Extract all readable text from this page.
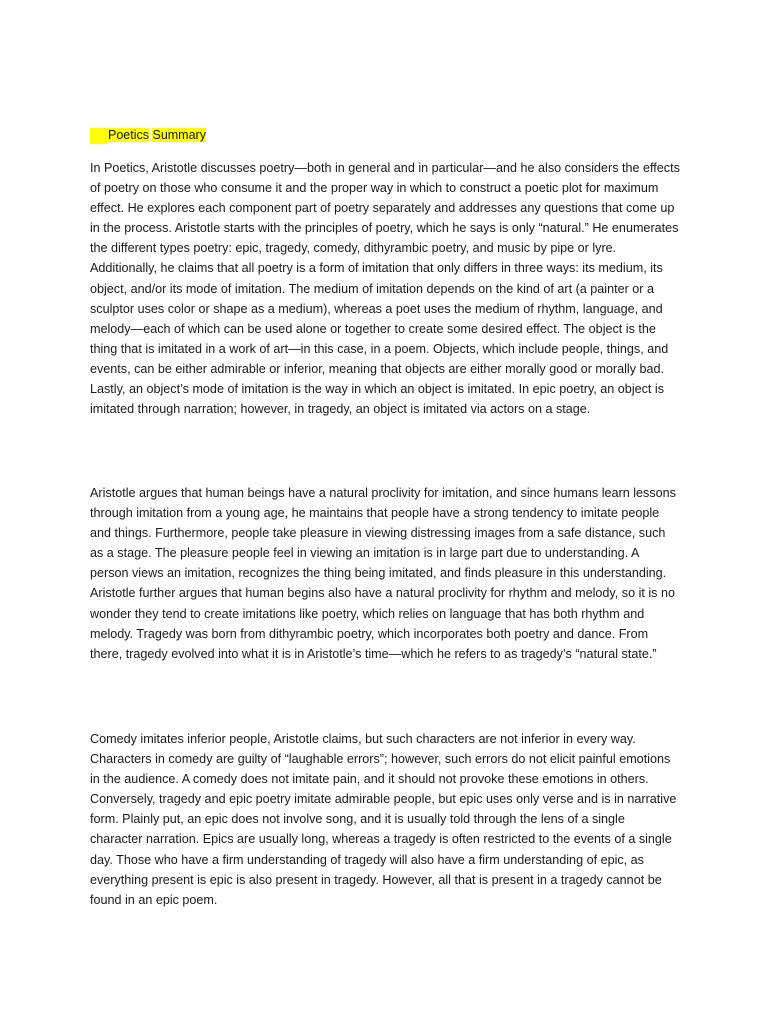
Poetics Summary

In Poetics, Aristotle discusses poetry—both in general and in particular—and he also considers the effects of poetry on those who consume it and the proper way in which to construct a poetic plot for maximum effect. He explores each component part of poetry separately and addresses any questions that come up in the process. Aristotle starts with the principles of poetry, which he says is only “natural.” He enumerates the different types poetry: epic, tragedy, comedy, dithyrambic poetry, and music by pipe or lyre. Additionally, he claims that all poetry is a form of imitation that only differs in three ways: its medium, its object, and/or its mode of imitation. The medium of imitation depends on the kind of art (a painter or a sculptor uses color or shape as a medium), whereas a poet uses the medium of rhythm, language, and melody—each of which can be used alone or together to create some desired effect. The object is the thing that is imitated in a work of art—in this case, in a poem. Objects, which include people, things, and events, can be either admirable or inferior, meaning that objects are either morally good or morally bad. Lastly, an object’s mode of imitation is the way in which an object is imitated. In epic poetry, an object is imitated through narration; however, in tragedy, an object is imitated via actors on a stage.

Aristotle argues that human beings have a natural proclivity for imitation, and since humans learn lessons through imitation from a young age, he maintains that people have a strong tendency to imitate people and things. Furthermore, people take pleasure in viewing distressing images from a safe distance, such as a stage. The pleasure people feel in viewing an imitation is in large part due to understanding. A person views an imitation, recognizes the thing being imitated, and finds pleasure in this understanding. Aristotle further argues that human begins also have a natural proclivity for rhythm and melody, so it is no wonder they tend to create imitations like poetry, which relies on language that has both rhythm and melody. Tragedy was born from dithyrambic poetry, which incorporates both poetry and dance. From there, tragedy evolved into what it is in Aristotle’s time—which he refers to as tragedy’s “natural state.”

Comedy imitates inferior people, Aristotle claims, but such characters are not inferior in every way. Characters in comedy are guilty of “laughable errors”; however, such errors do not elicit painful emotions in the audience. A comedy does not imitate pain, and it should not provoke these emotions in others. Conversely, tragedy and epic poetry imitate admirable people, but epic uses only verse and is in narrative form. Plainly put, an epic does not involve song, and it is usually told through the lens of a single character narration. Epics are usually long, whereas a tragedy is often restricted to the events of a single day. Those who have a firm understanding of tragedy will also have a firm understanding of epic, as everything present is epic is also present in tragedy. However, all that is present in a tragedy cannot be found in an epic poem.
